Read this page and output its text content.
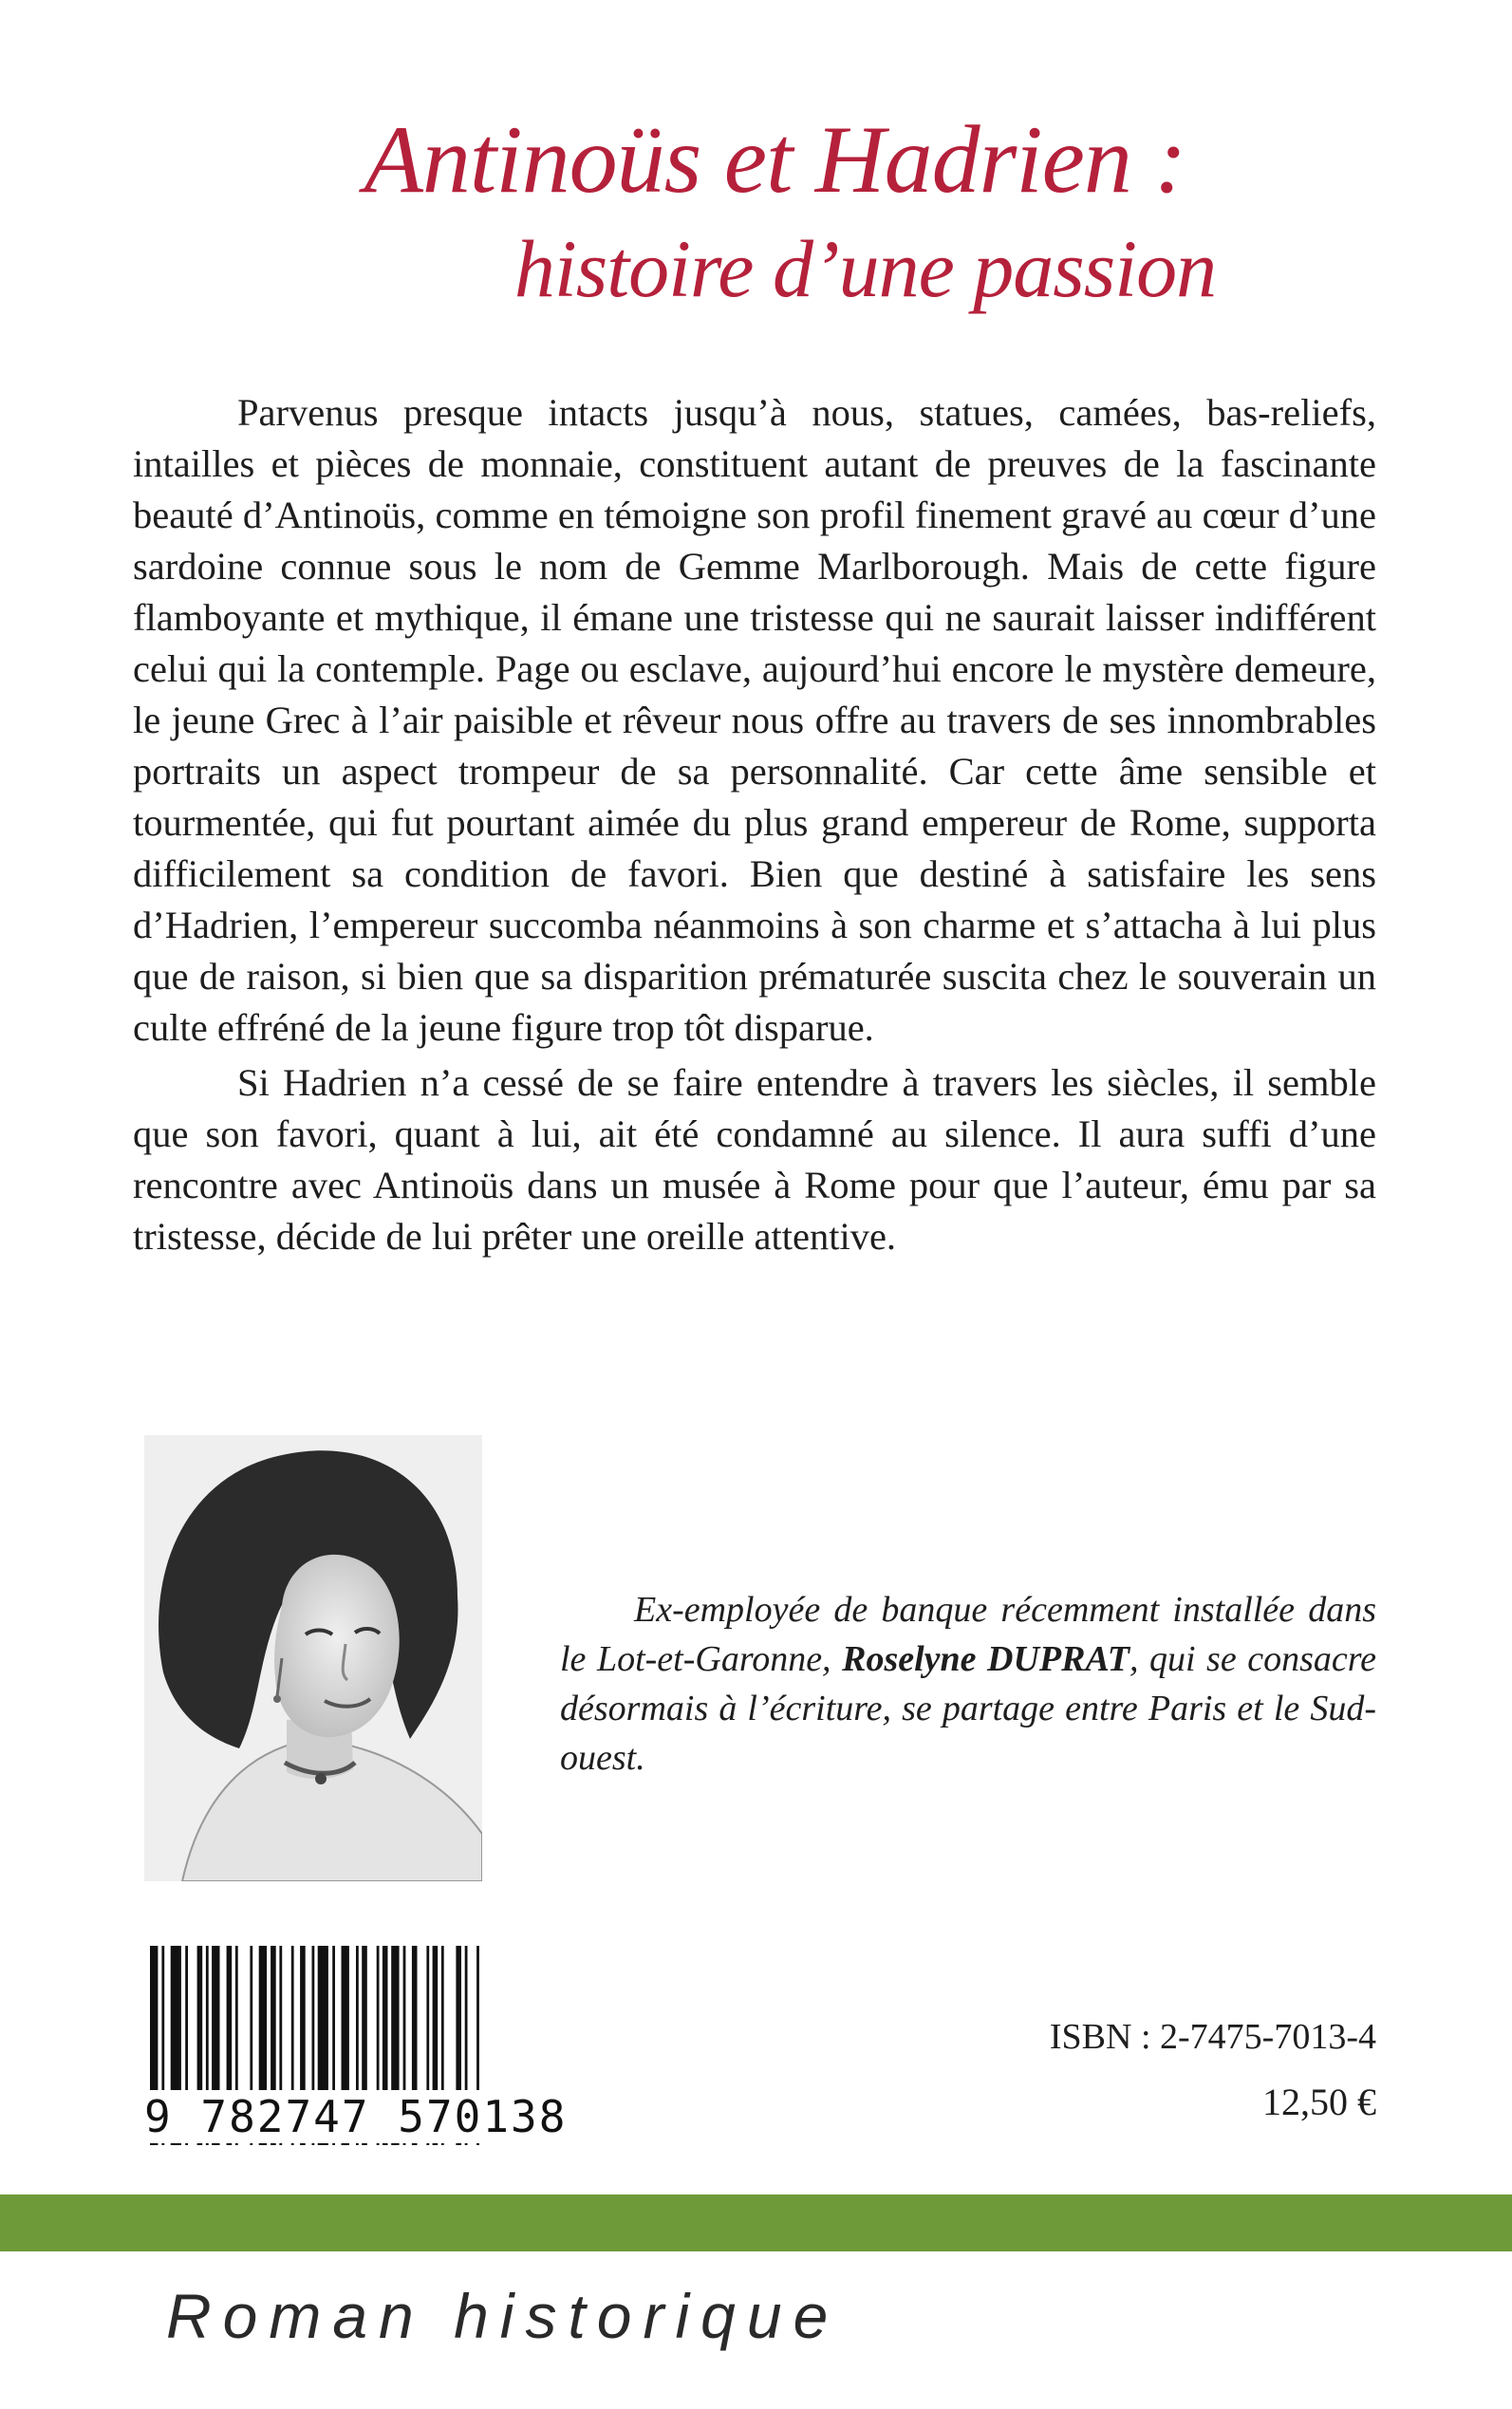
Antinoüs et Hadrien :
histoire d’une passion

Parvenus presque intacts jusqu’à nous, statues, camées, bas-reliefs, intailles et pièces de monnaie, constituent autant de preuves de la fascinante beauté d’Antinoüs, comme en témoigne son profil finement gravé au cœur d’une sardoine connue sous le nom de Gemme Marlborough. Mais de cette figure flamboyante et mythique, il émane une tristesse qui ne saurait laisser indifférent celui qui la contemple. Page ou esclave, aujourd’hui encore le mystère demeure, le jeune Grec à l’air paisible et rêveur nous offre au travers de ses innombrables portraits un aspect trompeur de sa personnalité. Car cette âme sensible et tourmentée, qui fut pourtant aimée du plus grand empereur de Rome, supporta difficilement sa condition de favori. Bien que destiné à satisfaire les sens d’Hadrien, l’empereur succomba néanmoins à son charme et s’attacha à lui plus que de raison, si bien que sa disparition prématurée suscita chez le souverain un culte effréné de la jeune figure trop tôt disparue.

Si Hadrien n’a cessé de se faire entendre à travers les siècles, il semble que son favori, quant à lui, ait été condamné au silence. Il aura suffi d’une rencontre avec Antinoüs dans un musée à Rome pour que l’auteur, ému par sa tristesse, décide de lui prêter une oreille attentive.

Ex-employée de banque récemment installée dans le Lot-et-Garonne, Roselyne DUPRAT, qui se consacre désormais à l’écriture, se partage entre Paris et le Sud-ouest.

9 782747 570138
ISBN : 2-7475-7013-4
12,50 €
Roman historique
